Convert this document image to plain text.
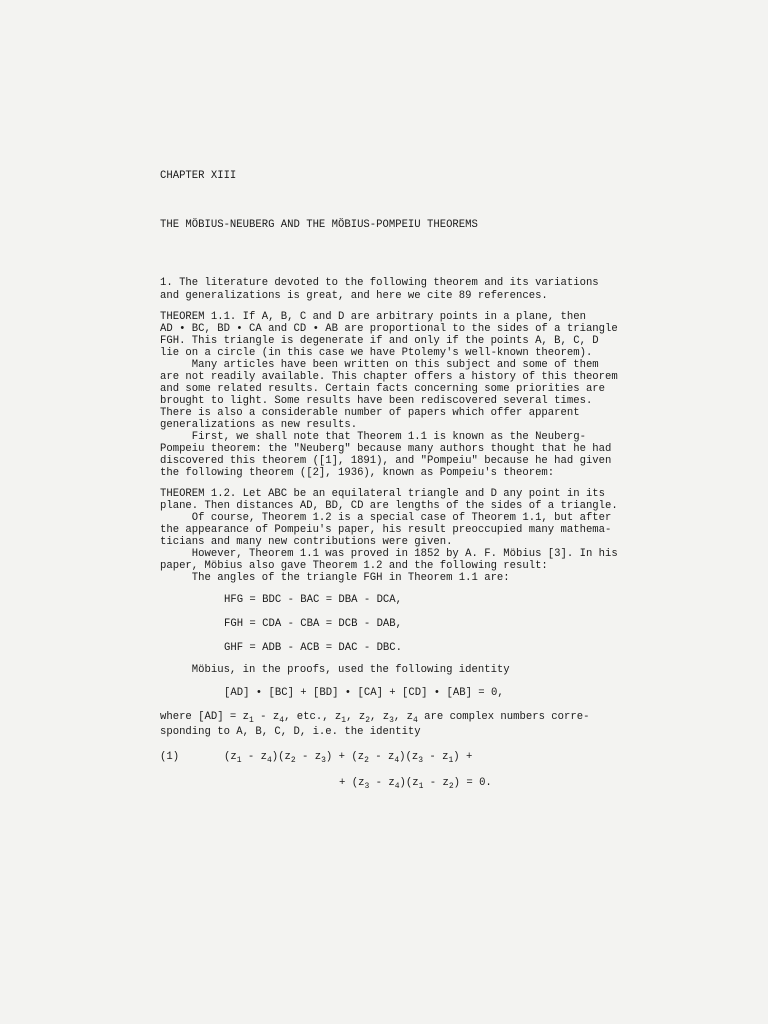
CHAPTER XIII
THE MÖBIUS-NEUBERG AND THE MÖBIUS-POMPEIU THEOREMS
1. The literature devoted to the following theorem and its variations
and generalizations is great, and here we cite 89 references.
THEOREM 1.1. If A, B, C and D are arbitrary points in a plane, then
AD • BC, BD • CA and CD • AB are proportional to the sides of a triangle
FGH. This triangle is degenerate if and only if the points A, B, C, D
lie on a circle (in this case we have Ptolemy's well-known theorem).
Many articles have been written on this subject and some of them
are not readily available. This chapter offers a history of this theorem
and some related results. Certain facts concerning some priorities are
brought to light. Some results have been rediscovered several times.
There is also a considerable number of papers which offer apparent
generalizations as new results.
First, we shall note that Theorem 1.1 is known as the Neuberg-
Pompeiu theorem: the "Neuberg" because many authors thought that he had
discovered this theorem ([1], 1891), and "Pompeiu" because he had given
the following theorem ([2], 1936), known as Pompeiu's theorem:
THEOREM 1.2. Let ABC be an equilateral triangle and D any point in its
plane. Then distances AD, BD, CD are lengths of the sides of a triangle.
Of course, Theorem 1.2 is a special case of Theorem 1.1, but after
the appearance of Pompeiu's paper, his result preoccupied many mathema-
ticians and many new contributions were given.
However, Theorem 1.1 was proved in 1852 by A. F. Möbius [3]. In his
paper, Möbius also gave Theorem 1.2 and the following result:
The angles of the triangle FGH in Theorem 1.1 are:
HFG = BDC - BAC = DBA - DCA,
FGH = CDA - CBA = DCB - DAB,
GHF = ADB - ACB = DAC - DBC.
Möbius, in the proofs, used the following identity
[AD] • [BC] + [BD] • [CA] + [CD] • [AB] = 0,
where $[AD] = z_1 - z_4$, etc., $z_1$, $z_2$, $z_3$, $z_4$ are complex numbers corre-
sponding to A, B, C, D, i.e. the identity
(1)	$(z_1 - z_4)(z_2 - z_3) + (z_2 - z_4)(z_3 - z_1)$ +
+ $(z_3 - z_4)(z_1 - z_2) = 0$.
